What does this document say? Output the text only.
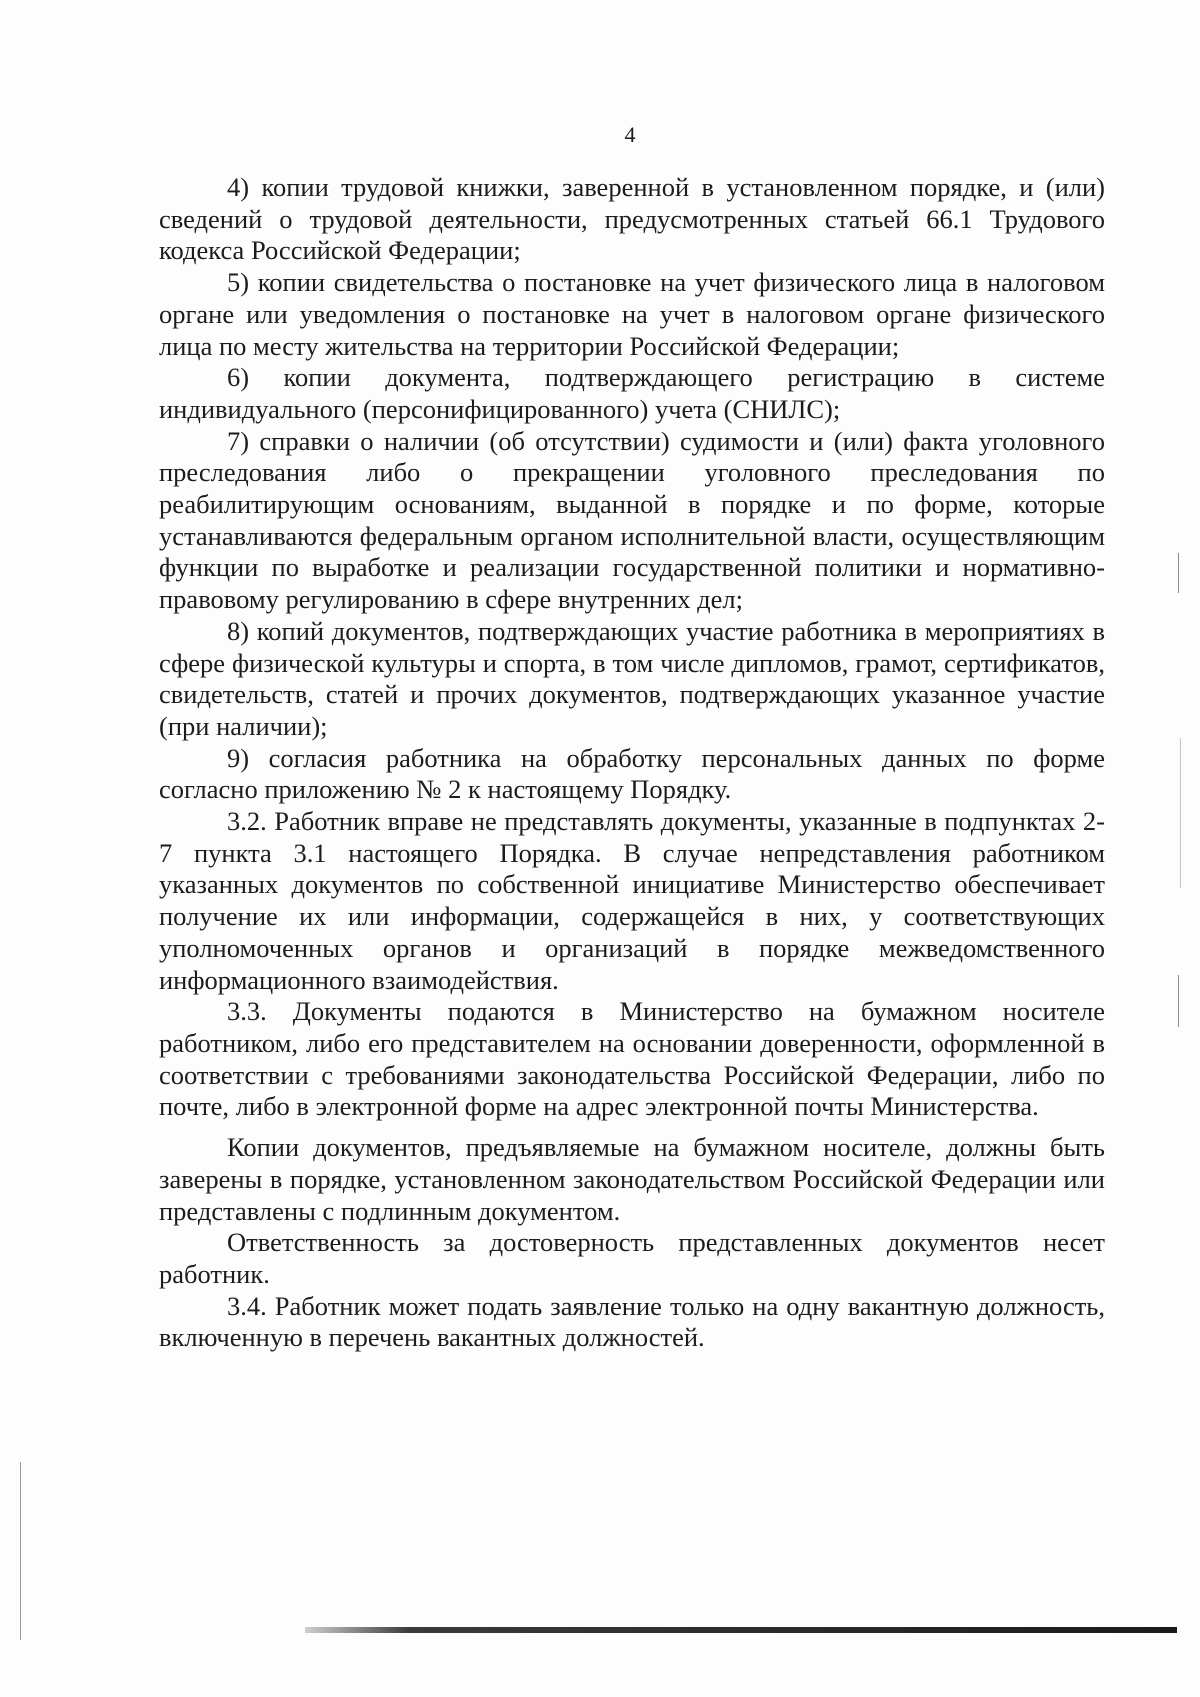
4

4) копии трудовой книжки, заверенной в установленном порядке, и (или) сведений о трудовой деятельности, предусмотренных статьей 66.1 Трудового кодекса Российской Федерации;

5) копии свидетельства о постановке на учет физического лица в налоговом органе или уведомления о постановке на учет в налоговом органе физического лица по месту жительства на территории Российской Федерации;

6) копии документа, подтверждающего регистрацию в системе индивидуального (персонифицированного) учета (СНИЛС);

7) справки о наличии (об отсутствии) судимости и (или) факта уголовного преследования либо о прекращении уголовного преследования по реабилитирующим основаниям, выданной в порядке и по форме, которые устанавливаются федеральным органом исполнительной власти, осуществляющим функции по выработке и реализации государственной политики и нормативно-правовому регулированию в сфере внутренних дел;

8) копий документов, подтверждающих участие работника в мероприятиях в сфере физической культуры и спорта, в том числе дипломов, грамот, сертификатов, свидетельств, статей и прочих документов, подтверждающих указанное участие (при наличии);

9) согласия работника на обработку персональных данных по форме согласно приложению № 2 к настоящему Порядку.

3.2. Работник вправе не представлять документы, указанные в подпунктах 2-7 пункта 3.1 настоящего Порядка. В случае непредставления работником указанных документов по собственной инициативе Министерство обеспечивает получение их или информации, содержащейся в них, у соответствующих уполномоченных органов и организаций в порядке межведомственного информационного взаимодействия.

3.3. Документы подаются в Министерство на бумажном носителе работником, либо его представителем на основании доверенности, оформленной в соответствии с требованиями законодательства Российской Федерации, либо по почте, либо в электронной форме на адрес электронной почты Министерства.

Копии документов, предъявляемые на бумажном носителе, должны быть заверены в порядке, установленном законодательством Российской Федерации или представлены с подлинным документом.

Ответственность за достоверность представленных документов несет работник.

3.4. Работник может подать заявление только на одну вакантную должность, включенную в перечень вакантных должностей.
